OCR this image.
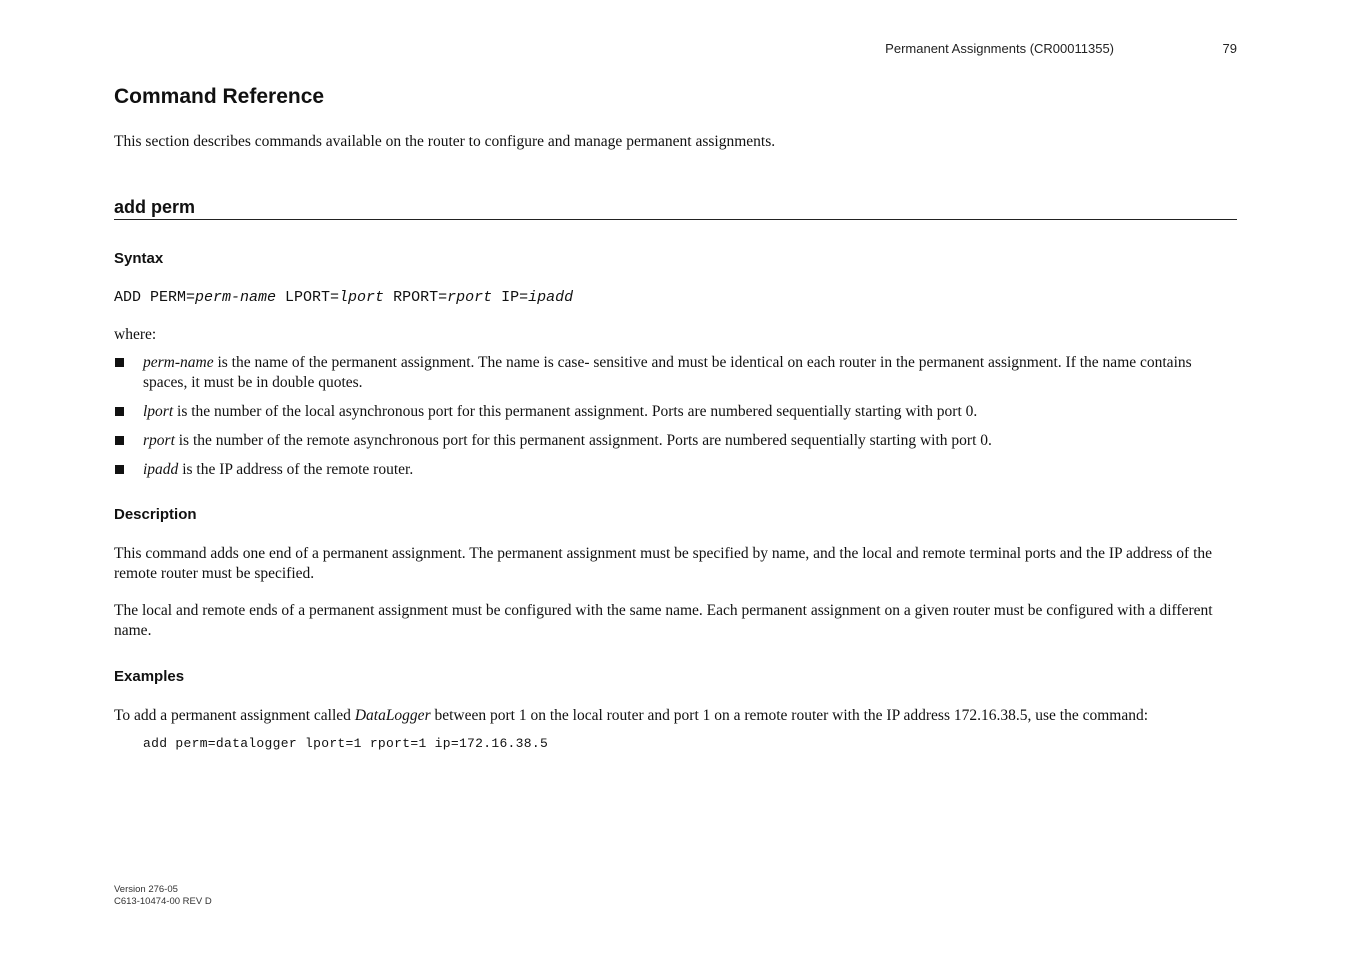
Permanent Assignments (CR00011355)	79
Command Reference

This section describes commands available on the router to configure and manage permanent assignments.

add perm
Syntax
ADD PERM=perm-name LPORT=lport RPORT=rport IP=ipadd

where:

perm-name is the name of the permanent assignment. The name is case- sensitive and must be identical on each router in the permanent assignment. If the name contains spaces, it must be in double quotes.
lport is the number of the local asynchronous port for this permanent assignment. Ports are numbered sequentially starting with port 0.
rport is the number of the remote asynchronous port for this permanent assignment. Ports are numbered sequentially starting with port 0.
ipadd is the IP address of the remote router.
Description

This command adds one end of a permanent assignment. The permanent assignment must be specified by name, and the local and remote terminal ports and the IP address of the remote router must be specified.

The local and remote ends of a permanent assignment must be configured with the same name. Each permanent assignment on a given router must be configured with a different name.

Examples

To add a permanent assignment called DataLogger between port 1 on the local router and port 1 on a remote router with the IP address 172.16.38.5, use the command:

add perm=datalogger lport=1 rport=1 ip=172.16.38.5
Version 276-05
C613-10474-00 REV D
